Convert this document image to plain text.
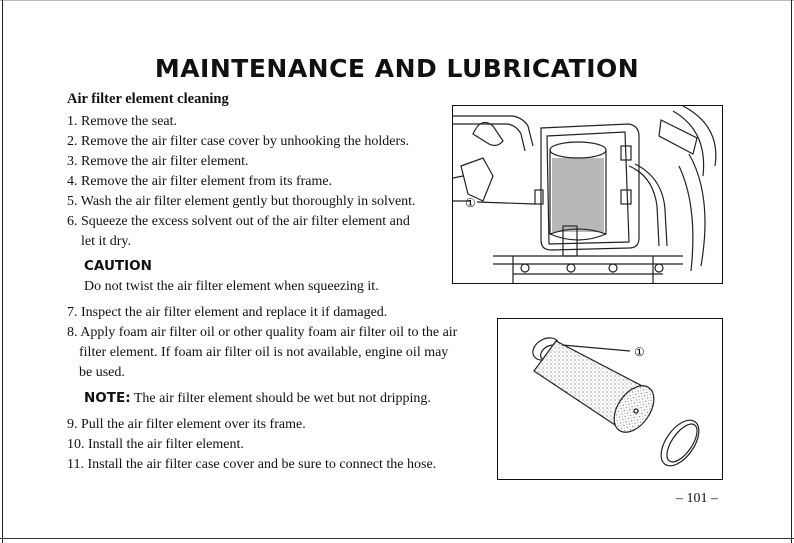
MAINTENANCE AND LUBRICATION
Air filter element cleaning
1. Remove the seat.
2. Remove the air filter case cover by unhooking the holders.
3. Remove the air filter element.
4. Remove the air filter element from its frame.
5. Wash the air filter element gently but thoroughly in solvent.
6. Squeeze the excess solvent out of the air filter element and
let it dry.

CAUTION

Do not twist the air filter element when squeezing it.

7. Inspect the air filter element and replace it if damaged.
8. Apply foam air filter oil or other quality foam air filter oil to the air
filter element. If foam air filter oil is not available, engine oil may
be used.

NOTE: The air filter element should be wet but not dripping.

9. Pull the air filter element over its frame.
10. Install the air filter element.
11. Install the air filter case cover and be sure to connect the hose.
①
①

– 101 –
